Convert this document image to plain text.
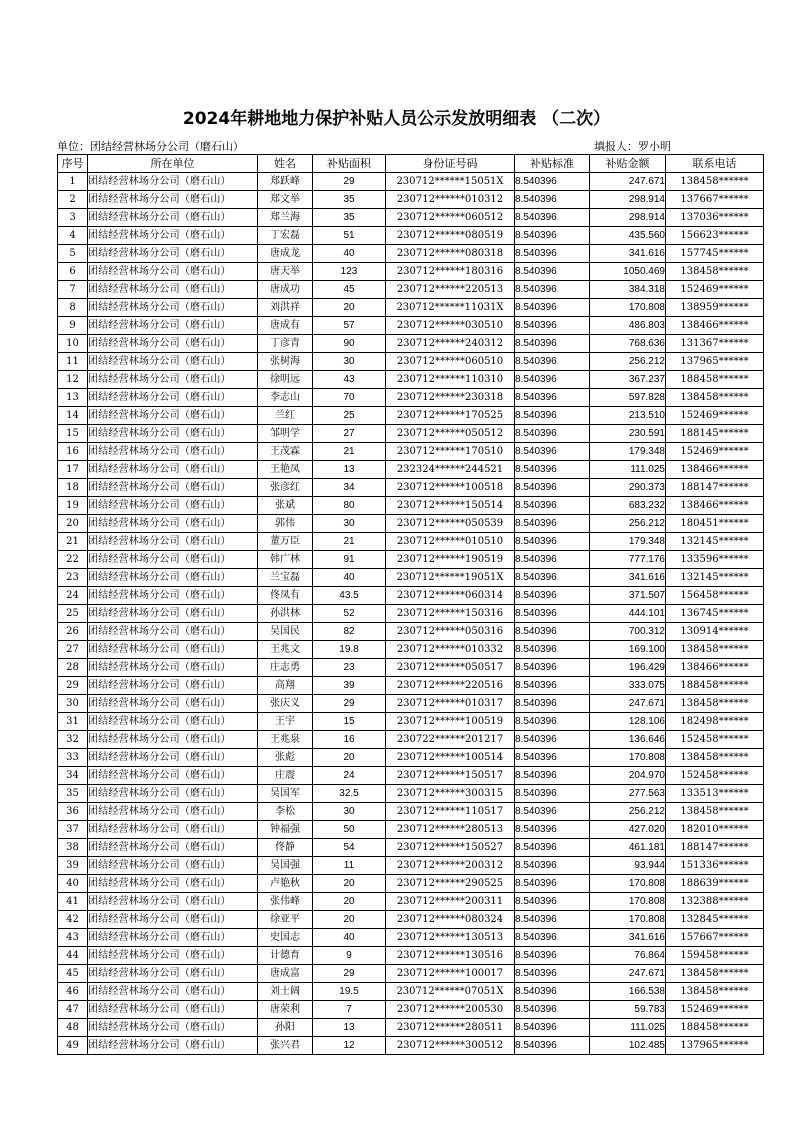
2024年耕地地力保护补贴人员公示发放明细表 （二次）
单位：团结经营林场分公司（磨石山）	填报人：罗小明
序号	所在单位	姓名	补贴面积	身份证号码	补贴标准	补贴金额	联系电话
1	团结经营林场分公司（磨石山）	郑跃峰	29	230712******15051X	8.540396	247.671	138458******
2	团结经营林场分公司（磨石山）	郑文举	35	230712******010312	8.540396	298.914	137667******
3	团结经营林场分公司（磨石山）	郑兰海	35	230712******060512	8.540396	298.914	137036******
4	团结经营林场分公司（磨石山）	丁宏磊	51	230712******080519	8.540396	435.560	156623******
5	团结经营林场分公司（磨石山）	唐成龙	40	230712******080318	8.540396	341.616	157745******
6	团结经营林场分公司（磨石山）	唐天举	123	230712******180316	8.540396	1050.469	138458******
7	团结经营林场分公司（磨石山）	唐成功	45	230712******220513	8.540396	384.318	152469******
8	团结经营林场分公司（磨石山）	刘洪祥	20	230712******11031X	8.540396	170.808	138959******
9	团结经营林场分公司（磨石山）	唐成有	57	230712******030510	8.540396	486.803	138466******
10	团结经营林场分公司（磨石山）	丁彦青	90	230712******240312	8.540396	768.636	131367******
11	团结经营林场分公司（磨石山）	张树海	30	230712******060510	8.540396	256.212	137965******
12	团结经营林场分公司（磨石山）	徐明远	43	230712******110310	8.540396	367.237	188458******
13	团结经营林场分公司（磨石山）	李志山	70	230712******230318	8.540396	597.828	138458******
14	团结经营林场分公司（磨石山）	兰红	25	230712******170525	8.540396	213.510	152469******
15	团结经营林场分公司（磨石山）	邹明学	27	230712******050512	8.540396	230.591	188145******
16	团结经营林场分公司（磨石山）	王茂霖	21	230712******170510	8.540396	179.348	152469******
17	团结经营林场分公司（磨石山）	王艳凤	13	232324******244521	8.540396	111.025	138466******
18	团结经营林场分公司（磨石山）	张彦红	34	230712******100518	8.540396	290.373	188147******
19	团结经营林场分公司（磨石山）	张斌	80	230712******150514	8.540396	683.232	138466******
20	团结经营林场分公司（磨石山）	郭伟	30	230712******050539	8.540396	256.212	180451******
21	团结经营林场分公司（磨石山）	董万臣	21	230712******010510	8.540396	179.348	132145******
22	团结经营林场分公司（磨石山）	韩广林	91	230712******190519	8.540396	777.176	133596******
23	团结经营林场分公司（磨石山）	兰宝磊	40	230712******19051X	8.540396	341.616	132145******
24	团结经营林场分公司（磨石山）	佟凤有	43.5	230712******060314	8.540396	371.507	156458******
25	团结经营林场分公司（磨石山）	孙洪林	52	230712******150316	8.540396	444.101	136745******
26	团结经营林场分公司（磨石山）	吴国民	82	230712******050316	8.540396	700.312	130914******
27	团结经营林场分公司（磨石山）	王兆文	19.8	230712******010332	8.540396	169.100	138458******
28	团结经营林场分公司（磨石山）	庄志勇	23	230712******050517	8.540396	196.429	138466******
29	团结经营林场分公司（磨石山）	高翔	39	230712******220516	8.540396	333.075	188458******
30	团结经营林场分公司（磨石山）	张庆义	29	230712******010317	8.540396	247.671	138458******
31	团结经营林场分公司（磨石山）	王宇	15	230712******100519	8.540396	128.106	182498******
32	团结经营林场分公司（磨石山）	王兆泉	16	230722******201217	8.540396	136.646	152458******
33	团结经营林场分公司（磨石山）	张彪	20	230712******100514	8.540396	170.808	138458******
34	团结经营林场分公司（磨石山）	庄震	24	230712******150517	8.540396	204.970	152458******
35	团结经营林场分公司（磨石山）	吴国军	32.5	230712******300315	8.540396	277.563	133513******
36	团结经营林场分公司（磨石山）	李松	30	230712******110517	8.540396	256.212	138458******
37	团结经营林场分公司（磨石山）	钟福强	50	230712******280513	8.540396	427.020	182010******
38	团结经营林场分公司（磨石山）	佟静	54	230712******150527	8.540396	461.181	188147******
39	团结经营林场分公司（磨石山）	吴国强	11	230712******200312	8.540396	93.944	151336******
40	团结经营林场分公司（磨石山）	卢艳秋	20	230712******290525	8.540396	170.808	188639******
41	团结经营林场分公司（磨石山）	张伟峰	20	230712******200311	8.540396	170.808	132388******
42	团结经营林场分公司（磨石山）	徐亚平	20	230712******080324	8.540396	170.808	132845******
43	团结经营林场分公司（磨石山）	史国志	40	230712******130513	8.540396	341.616	157667******
44	团结经营林场分公司（磨石山）	计德育	9	230712******130516	8.540396	76.864	159458******
45	团结经营林场分公司（磨石山）	唐成富	29	230712******100017	8.540396	247.671	138458******
46	团结经营林场分公司（磨石山）	刘士阔	19.5	230712******07051X	8.540396	166.538	138458******
47	团结经营林场分公司（磨石山）	唐荣利	7	230712******200530	8.540396	59.783	152469******
48	团结经营林场分公司（磨石山）	孙阳	13	230712******280511	8.540396	111.025	188458******
49	团结经营林场分公司（磨石山）	张兴君	12	230712******300512	8.540396	102.485	137965******
